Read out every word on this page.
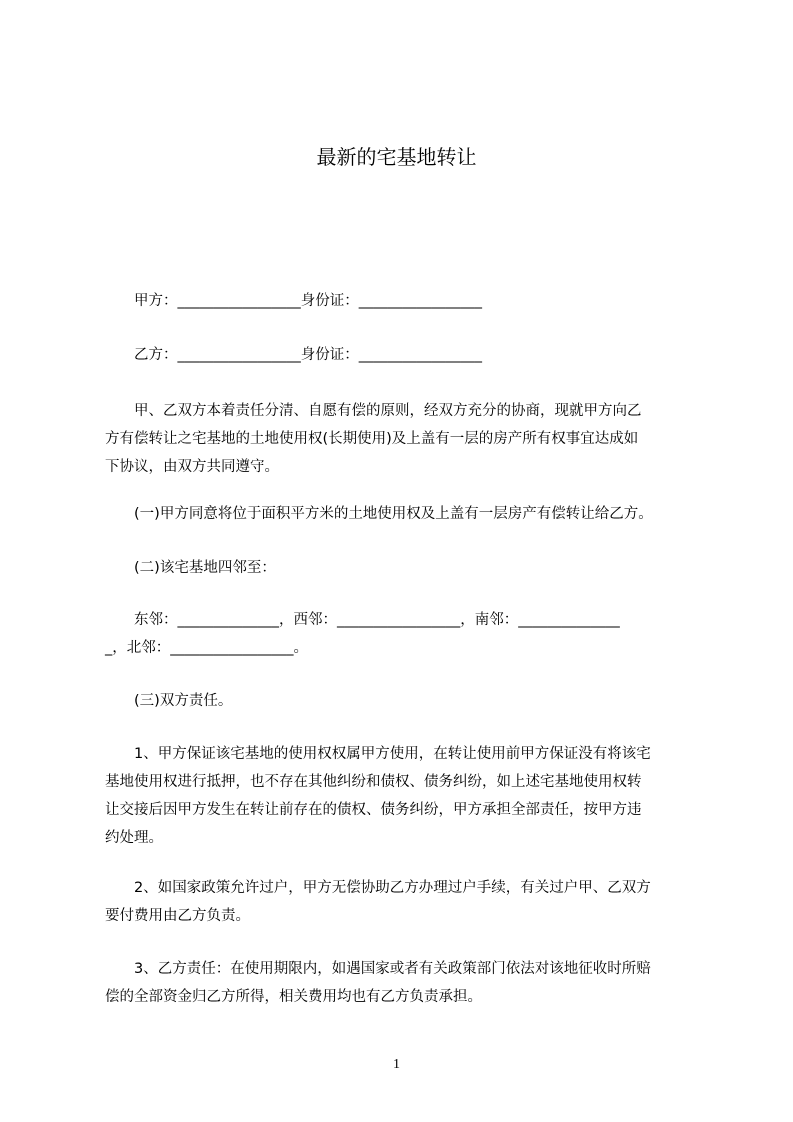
最新的宅基地转让
　　甲方：_________________身份证：_________________
　　乙方：_________________身份证：_________________
　　甲、乙双方本着责任分清、自愿有偿的原则，经双方充分的协商，现就甲方向乙
方有偿转让之宅基地的土地使用权(长期使用)及上盖有一层的房产所有权事宜达成如
下协议，由双方共同遵守。
　　(一)甲方同意将位于面积平方米的土地使用权及上盖有一层房产有偿转让给乙方。
　　(二)该宅基地四邻至：
　　东邻：______________，西邻：_________________，南邻：______________
_，北邻：_________________。
　　(三)双方责任。
　　1、甲方保证该宅基地的使用权权属甲方使用，在转让使用前甲方保证没有将该宅
基地使用权进行抵押，也不存在其他纠纷和债权、债务纠纷，如上述宅基地使用权转
让交接后因甲方发生在转让前存在的债权、债务纠纷，甲方承担全部责任，按甲方违
约处理。
　　2、如国家政策允许过户，甲方无偿协助乙方办理过户手续，有关过户甲、乙双方
要付费用由乙方负责。
　　3、乙方责任：在使用期限内，如遇国家或者有关政策部门依法对该地征收时所赔
偿的全部资金归乙方所得，相关费用均也有乙方负责承担。
1
